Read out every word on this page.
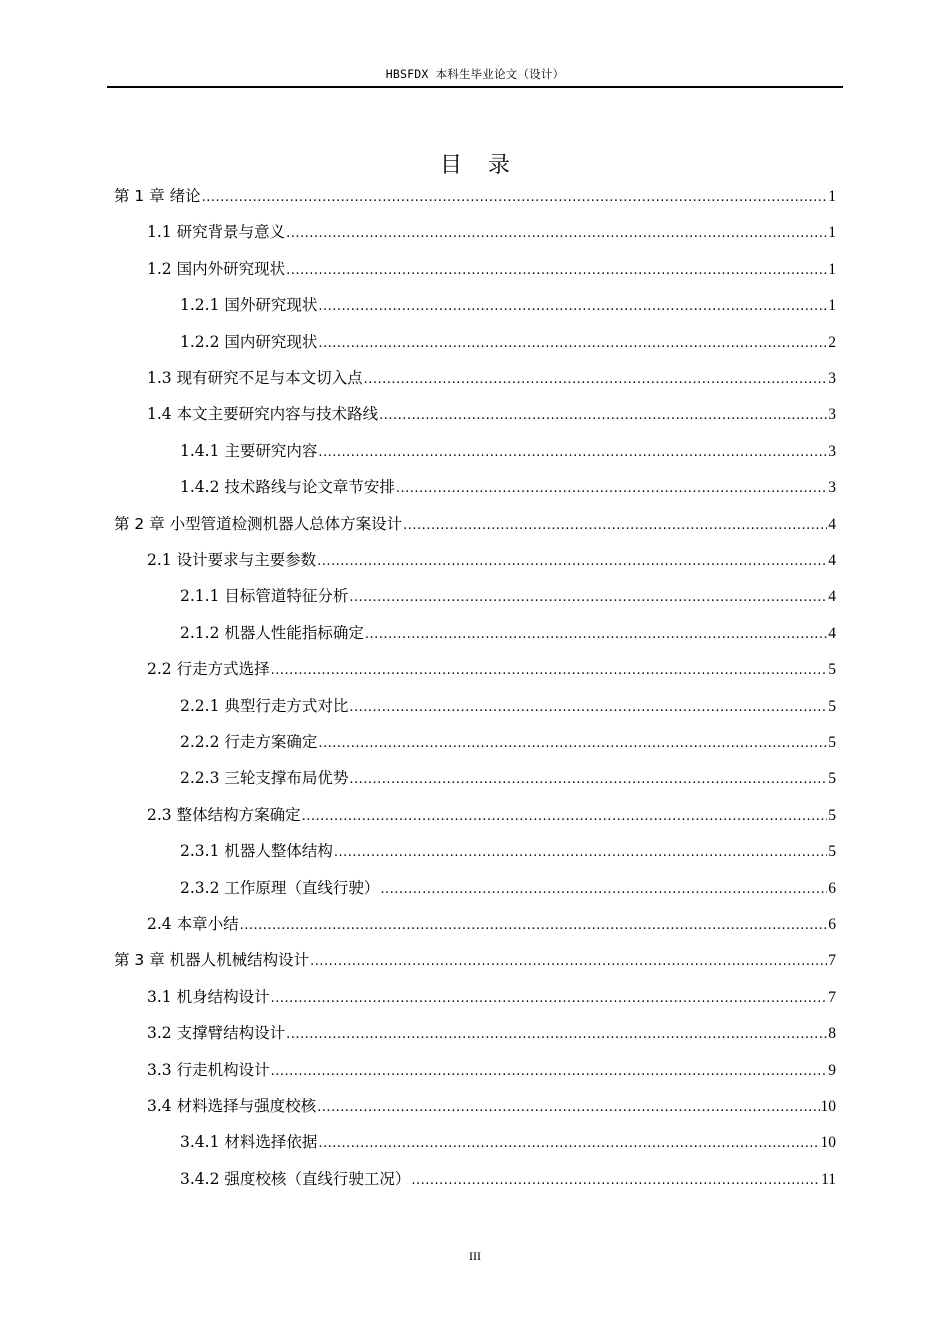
HBSFDX 本科生毕业论文（设计）
目 录
第 1 章 绪论 .....	1
1.1 研究背景与意义 .....	1
1.2 国内外研究现状 .....	1
1.2.1 国外研究现状 .....	1
1.2.2 国内研究现状 .....	2
1.3 现有研究不足与本文切入点 .....	3
1.4 本文主要研究内容与技术路线 .....	3
1.4.1 主要研究内容 .....	3
1.4.2 技术路线与论文章节安排 .....	3
第 2 章 小型管道检测机器人总体方案设计 .....	4
2.1 设计要求与主要参数 .....	4
2.1.1 目标管道特征分析 .....	4
2.1.2 机器人性能指标确定 .....	4
2.2 行走方式选择 .....	5
2.2.1 典型行走方式对比 .....	5
2.2.2 行走方案确定 .....	5
2.2.3 三轮支撑布局优势 .....	5
2.3 整体结构方案确定 .....	5
2.3.1 机器人整体结构 .....	5
2.3.2 工作原理（直线行驶） .....	6
2.4 本章小结 .....	6
第 3 章 机器人机械结构设计 .....	7
3.1 机身结构设计 .....	7
3.2 支撑臂结构设计 .....	8
3.3 行走机构设计 .....	9
3.4 材料选择与强度校核 .....	10
3.4.1 材料选择依据 .....	10
3.4.2 强度校核（直线行驶工况） .....	11
III
